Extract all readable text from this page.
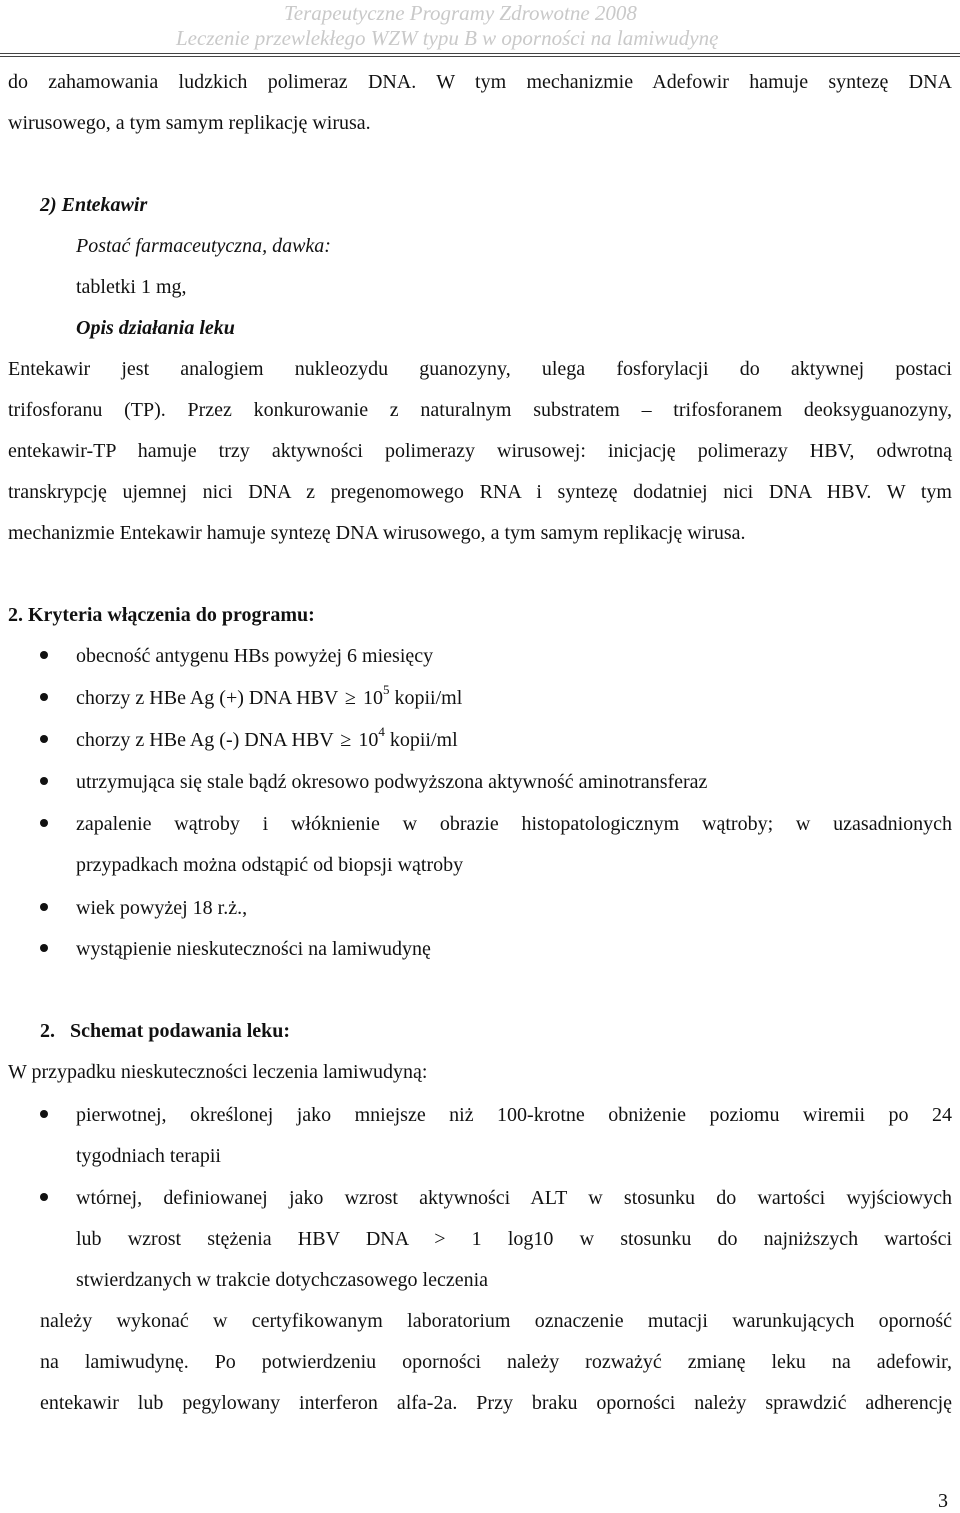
Terapeutyczne Programy Zdrowotne 2008
Leczenie przewlekłego WZW typu B w oporności na lamiwudynę
do zahamowania ludzkich polimeraz DNA. W tym mechanizmie Adefowir hamuje syntezę DNA
wirusowego, a tym samym replikację wirusa.
2) Entekawir
Postać farmaceutyczna, dawka:
tabletki 1 mg,
Opis działania leku
Entekawir jest analogiem nukleozydu guanozyny, ulega fosforylacji do aktywnej postaci
trifosforanu (TP). Przez konkurowanie z naturalnym substratem – trifosforanem deoksyguanozyny,
entekawir-TP hamuje trzy aktywności polimerazy wirusowej: inicjację polimerazy HBV, odwrotną
transkrypcję ujemnej nici DNA z pregenomowego RNA i syntezę dodatniej nici DNA HBV. W tym
mechanizmie Entekawir hamuje syntezę DNA wirusowego, a tym samym replikację wirusa.
2. Kryteria włączenia do programu:
obecność antygenu HBs powyżej 6 miesięcy
chorzy z HBe Ag (+) DNA HBV ≥ $10^5$ kopii/ml
chorzy z HBe Ag (-) DNA HBV ≥ $10^4$ kopii/ml
utrzymująca się stale bądź okresowo podwyższona aktywność aminotransferaz
zapalenie wątroby i włóknienie w obrazie histopatologicznym wątroby; w uzasadnionych
przypadkach można odstąpić od biopsji wątroby
wiek powyżej 18 r.ż.,
wystąpienie nieskuteczności na lamiwudynę
2.   Schemat podawania leku:
W przypadku nieskuteczności leczenia lamiwudyną:
pierwotnej, określonej jako mniejsze niż 100-krotne obniżenie poziomu wiremii po 24
tygodniach terapii
wtórnej, definiowanej jako wzrost aktywności ALT w stosunku do wartości wyjściowych
lub wzrost stężenia HBV DNA > 1 log10 w stosunku do najniższych wartości
stwierdzanych w trakcie dotychczasowego leczenia
należy wykonać w certyfikowanym laboratorium oznaczenie mutacji warunkujących oporność
na lamiwudynę. Po potwierdzeniu oporności należy rozważyć zmianę leku na adefowir,
entekawir lub pegylowany interferon alfa-2a. Przy braku oporności należy sprawdzić adherencję
3
